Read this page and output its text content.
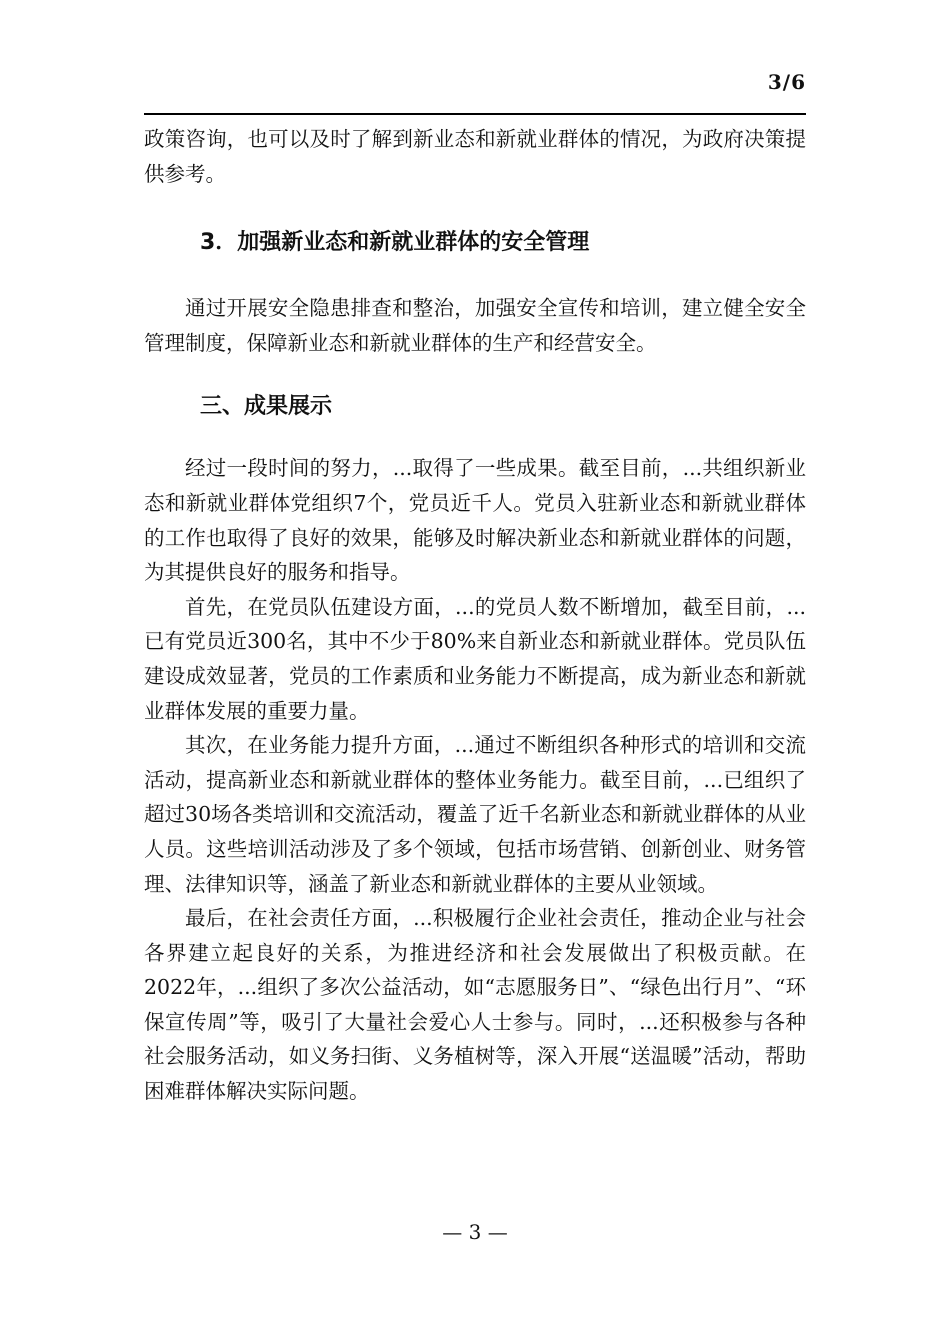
3/6

政策咨询，也可以及时了解到新业态和新就业群体的情况，为政府决策提供参考。

3．加强新业态和新就业群体的安全管理

通过开展安全隐患排查和整治，加强安全宣传和培训，建立健全安全管理制度，保障新业态和新就业群体的生产和经营安全。

三、成果展示

经过一段时间的努力，...取得了一些成果。截至目前，...共组织新业态和新就业群体党组织7个，党员近千人。党员入驻新业态和新就业群体的工作也取得了良好的效果，能够及时解决新业态和新就业群体的问题，为其提供良好的服务和指导。

首先，在党员队伍建设方面，...的党员人数不断增加，截至目前，...已有党员近300名，其中不少于80%来自新业态和新就业群体。党员队伍建设成效显著，党员的工作素质和业务能力不断提高，成为新业态和新就业群体发展的重要力量。

其次，在业务能力提升方面，...通过不断组织各种形式的培训和交流活动，提高新业态和新就业群体的整体业务能力。截至目前，...已组织了超过30场各类培训和交流活动，覆盖了近千名新业态和新就业群体的从业人员。这些培训活动涉及了多个领域，包括市场营销、创新创业、财务管理、法律知识等，涵盖了新业态和新就业群体的主要从业领域。

最后，在社会责任方面，...积极履行企业社会责任，推动企业与社会各界建立起良好的关系，为推进经济和社会发展做出了积极贡献。在2022年，...组织了多次公益活动，如“志愿服务日”、“绿色出行月”、“环保宣传周”等，吸引了大量社会爱心人士参与。同时，...还积极参与各种社会服务活动，如义务扫街、义务植树等，深入开展“送温暖”活动，帮助困难群体解决实际问题。

— 3 —
